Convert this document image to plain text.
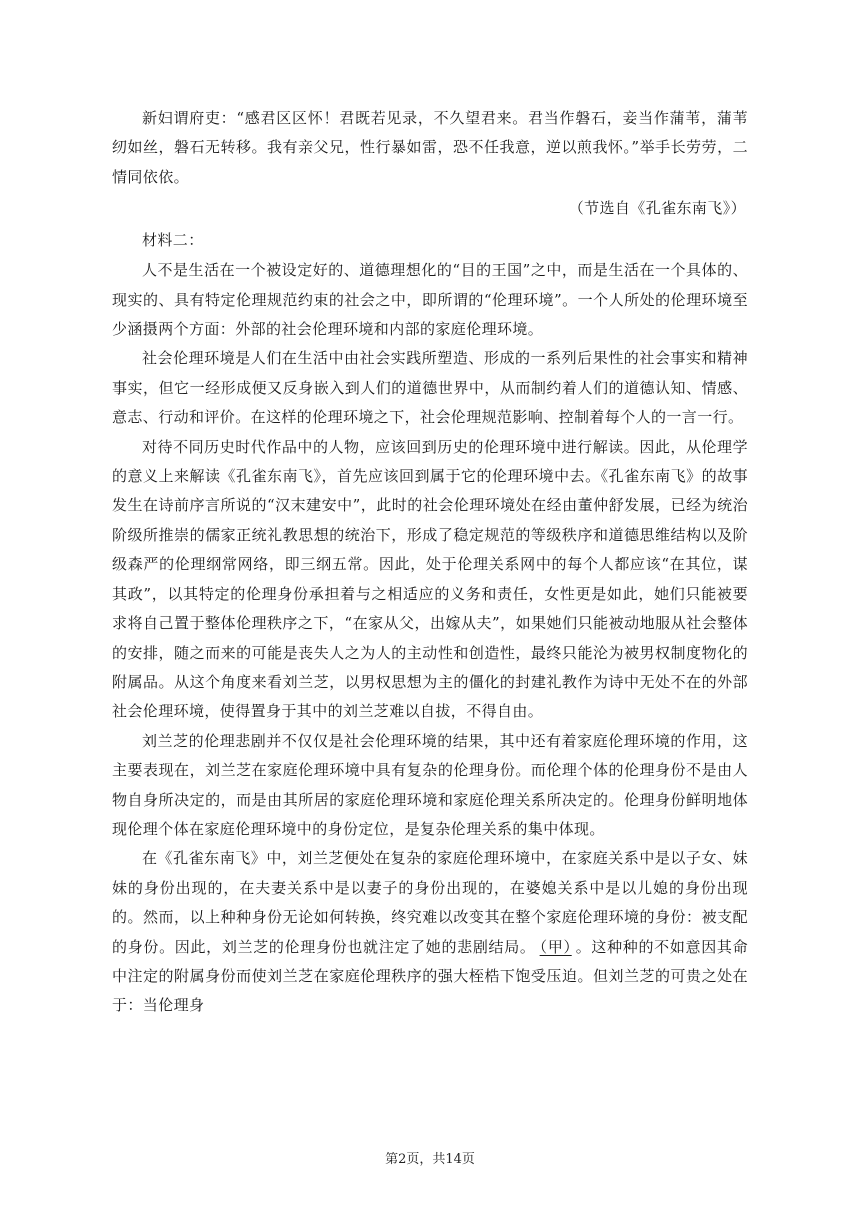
新妇谓府吏：“感君区区怀！君既若见录，不久望君来。君当作磐石，妾当作蒲苇，蒲苇纫如丝，磐石无转移。我有亲父兄，性行暴如雷，恐不任我意，逆以煎我怀。”举手长劳劳，二情同依依。

（节选自《孔雀东南飞》）

材料二：

人不是生活在一个被设定好的、道德理想化的“目的王国”之中，而是生活在一个具体的、现实的、具有特定伦理规范约束的社会之中，即所谓的“伦理环境”。一个人所处的伦理环境至少涵摄两个方面：外部的社会伦理环境和内部的家庭伦理环境。

社会伦理环境是人们在生活中由社会实践所塑造、形成的一系列后果性的社会事实和精神事实，但它一经形成便又反身嵌入到人们的道德世界中，从而制约着人们的道德认知、情感、意志、行动和评价。在这样的伦理环境之下，社会伦理规范影响、控制着每个人的一言一行。

对待不同历史时代作品中的人物，应该回到历史的伦理环境中进行解读。因此，从伦理学的意义上来解读《孔雀东南飞》，首先应该回到属于它的伦理环境中去。《孔雀东南飞》的故事发生在诗前序言所说的“汉末建安中”，此时的社会伦理环境处在经由董仲舒发展，已经为统治阶级所推崇的儒家正统礼教思想的统治下，形成了稳定规范的等级秩序和道德思维结构以及阶级森严的伦理纲常网络，即三纲五常。因此，处于伦理关系网中的每个人都应该“在其位，谋其政”，以其特定的伦理身份承担着与之相适应的义务和责任，女性更是如此，她们只能被要求将自己置于整体伦理秩序之下，“在家从父，出嫁从夫”，如果她们只能被动地服从社会整体的安排，随之而来的可能是丧失人之为人的主动性和创造性，最终只能沦为被男权制度物化的附属品。从这个角度来看刘兰芝，以男权思想为主的僵化的封建礼教作为诗中无处不在的外部社会伦理环境，使得置身于其中的刘兰芝难以自拔，不得自由。

刘兰芝的伦理悲剧并不仅仅是社会伦理环境的结果，其中还有着家庭伦理环境的作用，这主要表现在，刘兰芝在家庭伦理环境中具有复杂的伦理身份。而伦理个体的伦理身份不是由人物自身所决定的，而是由其所居的家庭伦理环境和家庭伦理关系所决定的。伦理身份鲜明地体现伦理个体在家庭伦理环境中的身份定位，是复杂伦理关系的集中体现。

在《孔雀东南飞》中，刘兰芝便处在复杂的家庭伦理环境中，在家庭关系中是以子女、妹妹的身份出现的，在夫妻关系中是以妻子的身份出现的，在婆媳关系中是以儿媳的身份出现的。然而，以上种种身份无论如何转换，终究难以改变其在整个家庭伦理环境的身份：被支配的身份。因此，刘兰芝的伦理身份也就注定了她的悲剧结局。 （甲） 。这种种的不如意因其命中注定的附属身份而使刘兰芝在家庭伦理秩序的强大桎梏下饱受压迫。但刘兰芝的可贵之处在于：当伦理身

第2页，共14页
